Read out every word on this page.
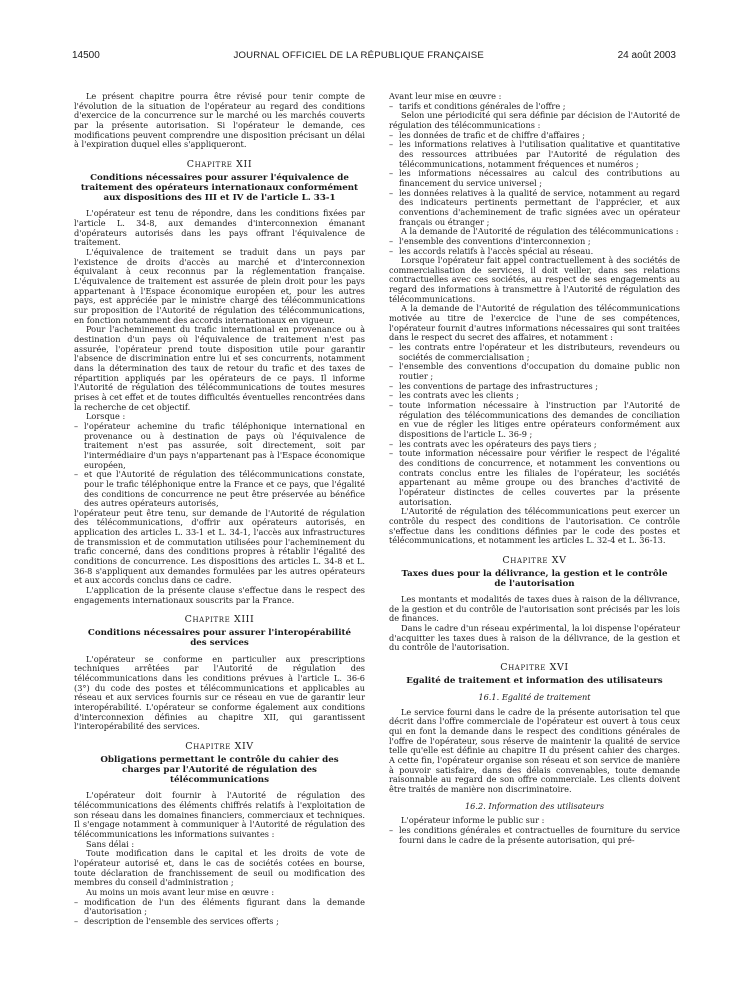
14500	JOURNAL OFFICIEL DE LA RÉPUBLIQUE FRANÇAISE	24 août 2003

Le présent chapitre pourra être révisé pour tenir compte de l'évolution de la situation de l'opérateur au regard des conditions d'exercice de la concurrence sur le marché ou les marchés couverts par la présente autorisation. Si l'opérateur le demande, ces modifications peuvent comprendre une disposition précisant un délai à l'expiration duquel elles s'appliqueront.

Chapitre XII
Conditions nécessaires pour assurer l'équivalence de traitement des opérateurs internationaux conformément aux dispositions des III et IV de l'article L. 33-1

L'opérateur est tenu de répondre, dans les conditions fixées par l'article L. 34-8, aux demandes d'interconnexion émanant d'opérateurs autorisés dans les pays offrant l'équivalence de traitement.

L'équivalence de traitement se traduit dans un pays par l'existence de droits d'accès au marché et d'interconnexion équivalant à ceux reconnus par la réglementation française. L'équivalence de traitement est assurée de plein droit pour les pays appartenant à l'Espace économique européen et, pour les autres pays, est appréciée par le ministre chargé des télécommunications sur proposition de l'Autorité de régulation des télécommunications, en fonction notamment des accords internationaux en vigueur.

Pour l'acheminement du trafic international en provenance ou à destination d'un pays où l'équivalence de traitement n'est pas assurée, l'opérateur prend toute disposition utile pour garantir l'absence de discrimination entre lui et ses concurrents, notamment dans la détermination des taux de retour du trafic et des taxes de répartition appliqués par les opérateurs de ce pays. Il informe l'Autorité de régulation des télécommunications de toutes mesures prises à cet effet et de toutes difficultés éventuelles rencontrées dans la recherche de cet objectif.

Lorsque :

– l'opérateur achemine du trafic téléphonique international en provenance ou à destination de pays où l'équivalence de traitement n'est pas assurée, soit directement, soit par l'intermédiaire d'un pays n'appartenant pas à l'Espace économique européen,
– et que l'Autorité de régulation des télécommunications constate, pour le trafic téléphonique entre la France et ce pays, que l'égalité des conditions de concurrence ne peut être préservée au bénéfice des autres opérateurs autorisés,

l'opérateur peut être tenu, sur demande de l'Autorité de régulation des télécommunications, d'offrir aux opérateurs autorisés, en application des articles L. 33-1 et L. 34-1, l'accès aux infrastructures de transmission et de commutation utilisées pour l'acheminement du trafic concerné, dans des conditions propres à rétablir l'égalité des conditions de concurrence. Les dispositions des articles L. 34-8 et L. 36-8 s'appliquent aux demandes formulées par les autres opérateurs et aux accords conclus dans ce cadre.

L'application de la présente clause s'effectue dans le respect des engagements internationaux souscrits par la France.

Chapitre XIII
Conditions nécessaires pour assurer l'interopérabilité des services

L'opérateur se conforme en particulier aux prescriptions techniques arrêtées par l'Autorité de régulation des télécommunications dans les conditions prévues à l'article L. 36-6 (3°) du code des postes et télécommunications et applicables au réseau et aux services fournis sur ce réseau en vue de garantir leur interopérabilité. L'opérateur se conforme également aux conditions d'interconnexion définies au chapitre XII, qui garantissent l'interopérabilité des services.

Chapitre XIV
Obligations permettant le contrôle du cahier des charges par l'Autorité de régulation des télécommunications

L'opérateur doit fournir à l'Autorité de régulation des télécommunications des éléments chiffrés relatifs à l'exploitation de son réseau dans les domaines financiers, commerciaux et techniques. Il s'engage notamment à communiquer à l'Autorité de régulation des télécommunications les informations suivantes :

Sans délai :

Toute modification dans le capital et les droits de vote de l'opérateur autorisé et, dans le cas de sociétés cotées en bourse, toute déclaration de franchissement de seuil ou modification des membres du conseil d'administration ;

Au moins un mois avant leur mise en œuvre :

– modification de l'un des éléments figurant dans la demande d'autorisation ;
– description de l'ensemble des services offerts ;

Avant leur mise en œuvre :

– tarifs et conditions générales de l'offre ;

Selon une périodicité qui sera définie par décision de l'Autorité de régulation des télécommunications :

– les données de trafic et de chiffre d'affaires ;
– les informations relatives à l'utilisation qualitative et quantitative des ressources attribuées par l'Autorité de régulation des télécommunications, notamment fréquences et numéros ;
– les informations nécessaires au calcul des contributions au financement du service universel ;
– les données relatives à la qualité de service, notamment au regard des indicateurs pertinents permettant de l'apprécier, et aux conventions d'acheminement de trafic signées avec un opérateur français ou étranger ;

A la demande de l'Autorité de régulation des télécommunications :

– l'ensemble des conventions d'interconnexion ;
– les accords relatifs à l'accès spécial au réseau.

Lorsque l'opérateur fait appel contractuellement à des sociétés de commercialisation de services, il doit veiller, dans ses relations contractuelles avec ces sociétés, au respect de ses engagements au regard des informations à transmettre à l'Autorité de régulation des télécommunications.

A la demande de l'Autorité de régulation des télécommunications motivée au titre de l'exercice de l'une de ses compétences, l'opérateur fournit d'autres informations nécessaires qui sont traitées dans le respect du secret des affaires, et notamment :

– les contrats entre l'opérateur et les distributeurs, revendeurs ou sociétés de commercialisation ;
– l'ensemble des conventions d'occupation du domaine public non routier ;
– les conventions de partage des infrastructures ;
– les contrats avec les clients ;
– toute information nécessaire à l'instruction par l'Autorité de régulation des télécommunications des demandes de conciliation en vue de régler les litiges entre opérateurs conformément aux dispositions de l'article L. 36-9 ;
– les contrats avec les opérateurs des pays tiers ;
– toute information nécessaire pour vérifier le respect de l'égalité des conditions de concurrence, et notamment les conventions ou contrats conclus entre les filiales de l'opérateur, les sociétés appartenant au même groupe ou des branches d'activité de l'opérateur distinctes de celles couvertes par la présente autorisation.

L'Autorité de régulation des télécommunications peut exercer un contrôle du respect des conditions de l'autorisation. Ce contrôle s'effectue dans les conditions définies par le code des postes et télécommunications, et notamment les articles L. 32-4 et L. 36-13.

Chapitre XV
Taxes dues pour la délivrance, la gestion et le contrôle de l'autorisation

Les montants et modalités de taxes dues à raison de la délivrance, de la gestion et du contrôle de l'autorisation sont précisés par les lois de finances.

Dans le cadre d'un réseau expérimental, la loi dispense l'opérateur d'acquitter les taxes dues à raison de la délivrance, de la gestion et du contrôle de l'autorisation.

Chapitre XVI
Egalité de traitement et information des utilisateurs
16.1. Egalité de traitement

Le service fourni dans le cadre de la présente autorisation tel que décrit dans l'offre commerciale de l'opérateur est ouvert à tous ceux qui en font la demande dans le respect des conditions générales de l'offre de l'opérateur, sous réserve de maintenir la qualité de service telle qu'elle est définie au chapitre II du présent cahier des charges. A cette fin, l'opérateur organise son réseau et son service de manière à pouvoir satisfaire, dans des délais convenables, toute demande raisonnable au regard de son offre commerciale. Les clients doivent être traités de manière non discriminatoire.

16.2. Information des utilisateurs

L'opérateur informe le public sur :

– les conditions générales et contractuelles de fourniture du service fourni dans le cadre de la présente autorisation, qui pré-
